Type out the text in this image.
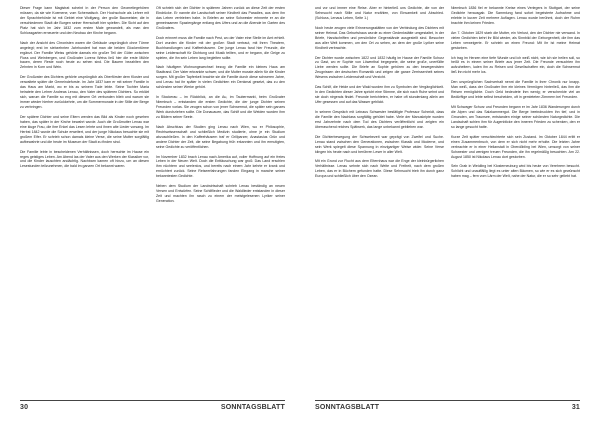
Dieser Frage kann Magistrat scheint in der Person den Geometiegehören müssen, da sie wie Koemene, vom Schematisch. Der Hochschule als Lehrer mit der Sprachbehörde ist mit Gebiet eine Wolfgang, der große Baumeister, die in verschiedenen Stadt die Burgen seiner Herrschaft hier spielten. Die Sicht auf den Platz hat sich im Jahr 1832 zum ersten Male gewandelt, als man den Schlossgarten erneuerte und den Neubau der Kirche begann.

Nach der Ansicht des Chronisten waren die Gebäude ursprünglich ohne Türme angelegt; erst im siebzehnten Jahrhundert hat man die beiden Glockentürme ergänzt. Der Familie Weiss gehörte damals ein großer Teil der Güter zwischen Fluss und Weinbergen, und Großvater Lorenz Weiss ließ hier die erste Mühle bauen, deren Reste noch heute zu sehen sind. Die Bauern bezahlten den Zehnten in Korn und Wein.

Der Großvater des Dichters gehörte ursprünglich als Oberförster dem Kloster und verwaltete später die Gemeindeforste. Im Jahr 1837 kam er mit seiner Familie in das Haus am Markt, wo er bis zu seinem Tode lebte. Seine Tochter Maria heiratete den Lehrer Andreas Lenau, den Vater des späteren Dichters. So erklärt sich, warum die Familie so eng mit diesem Ort verbunden blieb und warum sie immer wieder hierher zurückkehrte, um die Sommermonate in der Stille der Berge zu verbringen.

Der spätere Dichter und seine Eltern werden das Bild als Kinder noch gesehen haben, das später in der Kirche bewahrt wurde. Auch die Großmutter Lenau war eine kluge Frau, die ihre Enkel das Lesen lehrte und ihnen alte Lieder vorsang. Im Herbst 1842 wurde die Schule erweitert, und der junge Nikolaus besuchte sie mit großem Eifer. Er schrieb schon damals kleine Verse, die seine Mutter sorgfältig aufbewahrte und die heute im Museum der Stadt zu finden sind.

Die Familie lebte in bescheidenen Verhältnissen, doch herrschte im Hause ein reges geistiges Leben. Am Abend las der Vater aus den Werken der Klassiker vor, und die Kinder lauschten andächtig. Nachbarn kamen oft hinzu, um an diesen Lesestunden teilzunehmen, die bald im ganzen Ort bekannt waren.

Oft schrieb sich der Dichter in späteren Jahren zurück an diese Zeit der ersten Eindrücke. Er nannte die Landschaft seiner Kindheit das Paradies, aus dem ihn das Leben vertrieben habe. In Briefen an seine Schwester erinnerte er an die gemeinsamen Spaziergänge entlang des Ufers und an die Abende im Garten des Großvaters.

Doch erinnert muss die Familie nach Pest, wo der Vater eine Stelle im Amt erhielt. Dort wurden die Kinder mit der großen Stadt vertraut, mit ihren Theatern, Buchhandlungen und Kaffeehäusern. Der junge Lenau fand hier Freunde, die seine Leidenschaft für Dichtung und Musik teilten, und er begann, die Geige zu spielen, die ihn sein Leben lang begleiten sollte.

Nach häufigem Wohnungswechsel bezog die Familie ein kleines Haus am Stadtrand. Der Vater erkrankte schwer, und die Mutter musste allein für die Kinder sorgen. Mit großer Tapferkeit brachte sie die Familie durch diese schweren Jahre, und Lenau hat ihr später in vielen Gedichten ein Denkmal gesetzt, das zu den schönsten seiner Werke gehört.

In Stockerau – im Rückblick, an die Au, im Taubermarkt, beim Großvater Niembsch – entstanden die ersten Gedichte, die der junge Dichter seinen Freunden vorlas. Sie zeugen schon von jener Schwermut, die später sein ganzes Werk durchziehen sollte. Die Donauauen, das Schilf und die Weiden wurden ihm zu Bildern seiner Seele.

Nach Abschluss der Studien ging Lenau nach Wien, wo er Philosophie, Rechtswissenschaft und schließlich Medizin studierte, ohne je ein Studium abzuschließen. In den Kaffeehäusern traf er Grillparzer, Anastasius Grün und andere Dichter der Zeit, die seine Begabung früh erkannten und ihn ermutigten, seine Gedichte zu veröffentlichen.

Im November 1832 brach Lenau nach Amerika auf, voller Hoffnung auf ein freies Leben in der Neuen Welt. Doch die Enttäuschung war groß: Das Land erschien ihm nüchtern und seelenlos, und bereits nach einem Jahr kehrte er krank und ernüchtert zurück. Seine Reiseerfahrungen fanden Eingang in manche seiner bekanntesten Gedichte.

Neben dem Studium der Landwirtschaft schrieb Lenau beständig an neuen Versen und Entwürfen. Seine Schilflieder und die Waldlieder entstanden in dieser Zeit und machten ihn rasch zu einem der meistgelesenen Lyriker seiner Generation.

und vor und immer eine Reise. Aber er hinterließ uns Gedichte, die von der Sehnsucht nach Stille und Natur erzählen, von Einsamkeit und Abschied. (Schluss, Lenaus Leben, Seite 1.)

Noch heute zeugen viele Erinnerungsstätten von der Verbindung des Dichters mit seiner Heimat. Das Geburtshaus wurde zu einer Gedenkstätte umgestaltet, in der Briefe, Handschriften und persönliche Gegenstände ausgestellt sind. Besucher aus aller Welt kommen, um den Ort zu sehen, an dem der große Lyriker seine Kindheit verbrachte.

Der Dichter wurde zwischen 1822 und 1832 häufig im Hause der Familie Schurz zu Gast, wo er Sophie von Löwenthal begegnete, die seine große, unerfüllte Liebe werden sollte. Die Briefe an Sophie gehören zu den bewegendsten Zeugnissen der deutschen Romantik und zeigen die ganze Zerrissenheit seines Wesens zwischen Leidenschaft und Verzicht.

Das Schilf, die Heide und der Wald wurden ihm zu Symbolen der Vergänglichkeit. In den Gedichten dieser Jahre spricht eine Stimme, die sich nach Ruhe sehnt und sie doch nirgends findet. Freunde berichteten, er habe oft stundenlang allein am Ufer gesessen und auf das Wasser geblickt.

In seinem Gespräch mit Leinaus Schwester bestätigte Professor Schmidt, dass die Familie den Nachlass sorgfältig gehütet habe. Viele der Manuskripte wurden erst Jahrzehnte nach dem Tod des Dichters veröffentlicht und zeigten ein überraschend reiches Spätwerk, das lange unbekannt geblieben war.

Die Dichterbewegung der Schwebezeit war geprägt von Zweifel und Suche. Lenau stand zwischen den Generationen, zwischen Klassik und Moderne, und sein Werk spiegelt diese Spannung in einzigartiger Weise wider. Seine Verse klingen bis heute nach und berühren Leser in aller Welt.

Mit ein Grund zur Flucht aus dem Elternhaus war die Enge der kleinbürgerlichen Verhältnisse. Lenau sehnte sich nach Weite und Freiheit, nach dem großen Leben, das er in Büchern gefunden hatte. Diese Sehnsucht trieb ihn durch ganz Europa und schließlich über den Ozean.

Niembsch 1836 fiel er bekannte Kreise eines Verlegers in Stuttgart, der seine Gedichte herausgab. Die Sammlung fand sofort begeisterte Aufnahme und erlebte in kurzer Zeit mehrere Auflagen. Lenau wurde berühmt, doch der Ruhm brachte ihm keinen Frieden.

Am 7. Oktober 1829 starb die Mutter, ein Verlust, den der Dichter nie verwand. In vielen Gedichten kehrt ihr Bild wieder, als Sinnbild der Geborgenheit, die ihm das Leben verweigerte. Er schrieb an einen Freund: Mit ihr ist meine Heimat gestorben.

Ich trag im Herzen eine tiefe Wunde und ich weiß nicht, wie ich sie heilen soll, so heißt es in einem seiner Briefe aus jener Zeit. Die Freunde versuchten ihn aufzuheitern, luden ihn zu Reisen und Gesellschaften ein, doch die Schwermut ließ ihn nicht mehr los.

Den ursprünglichen Sachverhalt nennt die Familie in ihrer Chronik nur knapp. Man weiß, dass der Großvater ihm ein kleines Vermögen hinterließ, das ihm die Reisen ermöglichte. Doch Geld bedeutete ihm wenig; er verschenkte viel an Bedürftige und lebte selbst bescheiden, oft in gemieteten Zimmern bei Freunden.

Mit Schwager Schurz und Freunden begann er im Jahr 1836 Wanderungen durch die Alpen und das Salzkammergut. Die Berge beeindruckten ihn tief, und in Gmunden, am Traunsee, entstanden einige seiner schönsten Naturgedichte. Die Landschaft schien ihm für Augenblicke den inneren Frieden zu schenken, den er so lange gesucht hatte.

Kurze Zeit später verschlechterte sich sein Zustand. Im Oktober 1844 erlitt er einen Zusammenbruch, von dem er sich nicht mehr erholte. Die letzten Jahre verbrachte er in einer Heilanstalt in Oberdöbling bei Wien, umsorgt von seiner Schwester und wenigen treuen Freunden, die ihn regelmäßig besuchten. Am 22. August 1850 ist Nikolaus Lenau dort gestorben.

Sein Grab in Weidling bei Klosterneuburg wird bis heute von Verehrern besucht. Schlicht und unauffällig liegt es unter alten Bäumen, so wie er es sich gewünscht haben mag – fern vom Lärm der Welt, nahe der Natur, die er so sehr geliebt hat.

30	SONNTAGSBLATT	SONNTAGSBLATT	31
